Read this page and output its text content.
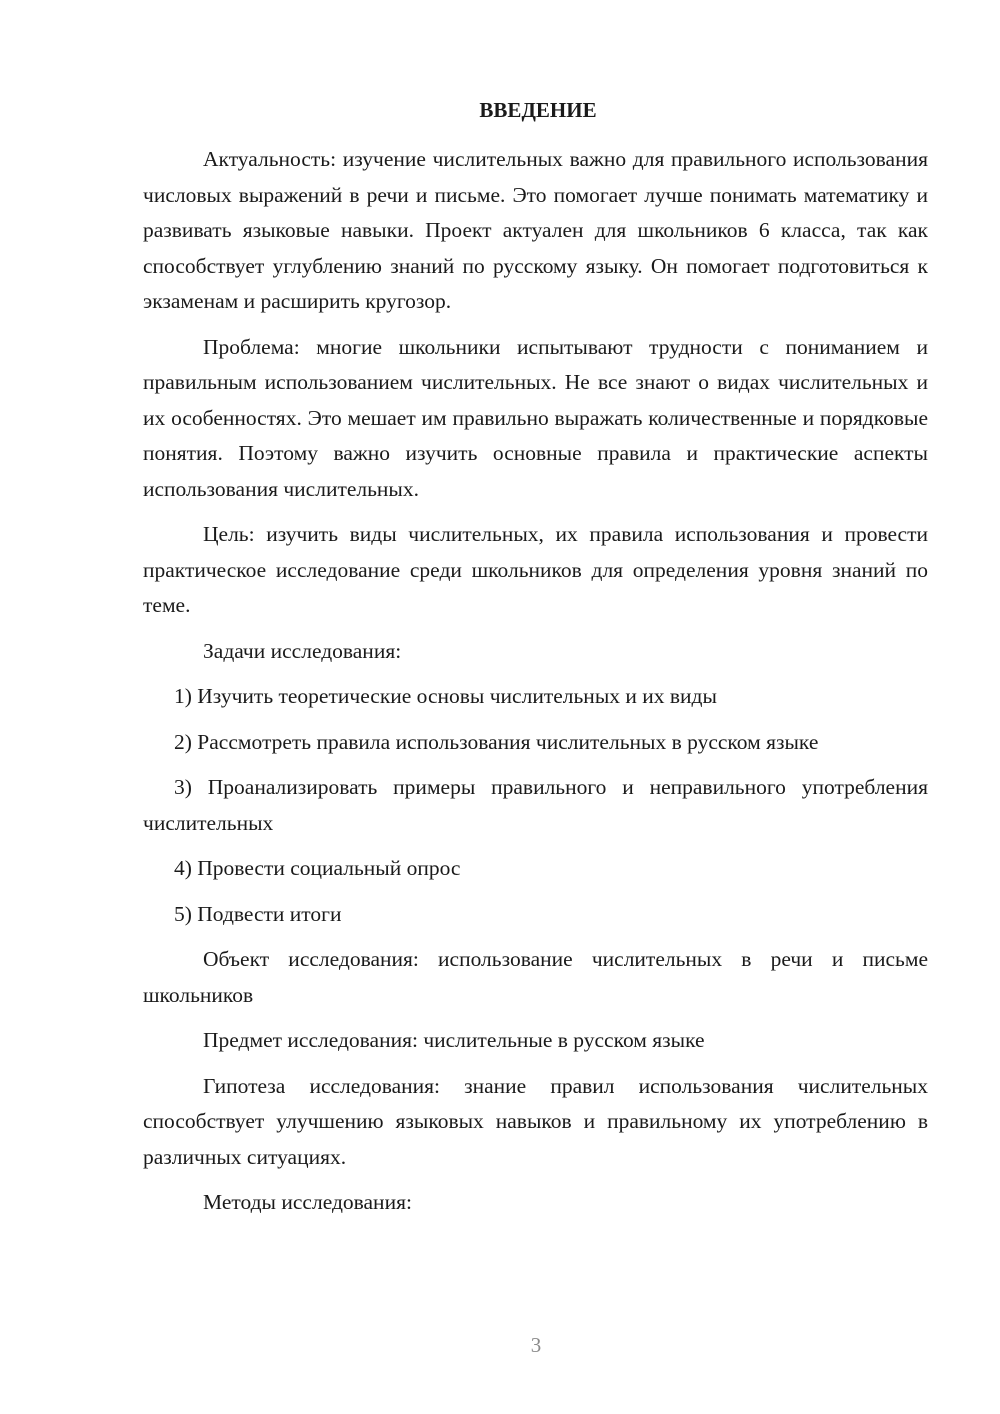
ВВЕДЕНИЕ

Актуальность: изучение числительных важно для правильного использования числовых выражений в речи и письме. Это помогает лучше понимать математику и развивать языковые навыки. Проект актуален для школьников 6 класса, так как способствует углублению знаний по русскому языку. Он помогает подготовиться к экзаменам и расширить кругозор.

Проблема: многие школьники испытывают трудности с пониманием и правильным использованием числительных. Не все знают о видах числительных и их особенностях. Это мешает им правильно выражать количественные и порядковые понятия. Поэтому важно изучить основные правила и практические аспекты использования числительных.

Цель: изучить виды числительных, их правила использования и провести практическое исследование среди школьников для определения уровня знаний по теме.

Задачи исследования:

1) Изучить теоретические основы числительных и их виды

2) Рассмотреть правила использования числительных в русском языке

3) Проанализировать примеры правильного и неправильного употребления числительных

4) Провести социальный опрос

5) Подвести итоги

Объект исследования: использование числительных в речи и письме школьников

Предмет исследования: числительные в русском языке

Гипотеза исследования: знание правил использования числительных способствует улучшению языковых навыков и правильному их употреблению в различных ситуациях.

Методы исследования:

3
